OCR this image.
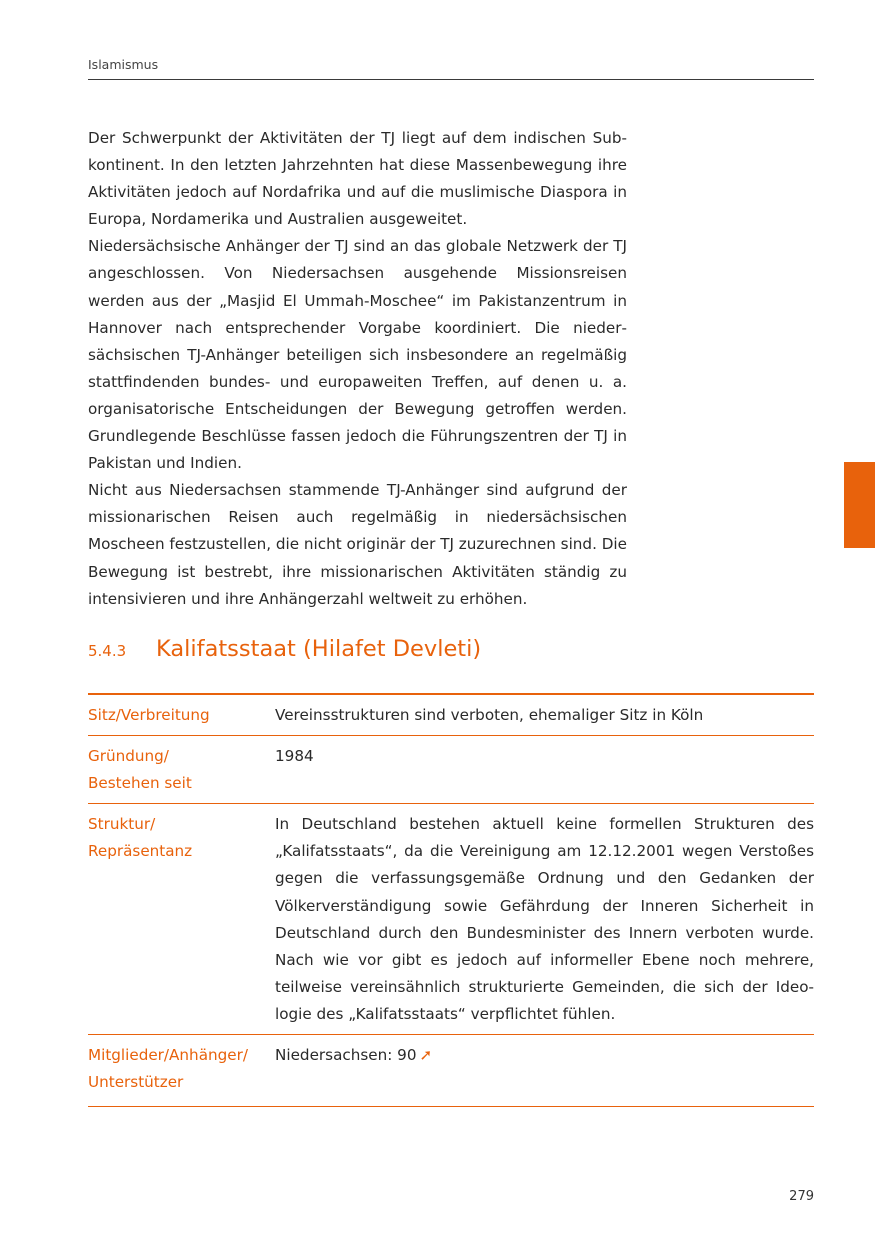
Islamismus

Der Schwerpunkt der Aktivitäten der TJ liegt auf dem indischen Subkontinent. In den letzten Jahrzehnten hat diese Massenbewegung ihre Aktivitäten jedoch auf Nordafrika und auf die muslimische Diaspora in Europa, Nordamerika und Australien ausgeweitet.

Niedersächsische Anhänger der TJ sind an das globale Netzwerk der TJ angeschlossen. Von Niedersachsen ausgehende Missionsreisen werden aus der „Masjid El Ummah-Moschee“ im Pakistanzentrum in Hannover nach entsprechender Vorgabe koordiniert. Die niedersächsischen TJ-Anhänger beteiligen sich insbesondere an regelmäßig stattfindenden bundes- und europaweiten Treffen, auf denen u. a. organisatorische Entscheidungen der Bewegung getroffen werden. Grundlegende Beschlüsse fassen jedoch die Führungszentren der TJ in Pakistan und Indien.

Nicht aus Niedersachsen stammende TJ-Anhänger sind aufgrund der missionarischen Reisen auch regelmäßig in niedersächsischen Moscheen festzustellen, die nicht originär der TJ zuzurechnen sind. Die Bewegung ist bestrebt, ihre missionarischen Aktivitäten ständig zu intensivieren und ihre Anhängerzahl weltweit zu erhöhen.

5.4.3 Kalifatsstaat (Hilafet Devleti)
Sitz/Verbreitung	Vereinsstrukturen sind verboten, ehemaliger Sitz in Köln
Gründung/
Bestehen seit
1984
Struktur/
Repräsentanz
In Deutschland bestehen aktuell keine formellen Strukturen des „Kalifatsstaats“, da die Vereinigung am 12.12.2001 wegen Verstoßes gegen die verfassungsgemäße Ordnung und den Gedanken der Völkerverständigung sowie Gefährdung der Inneren Sicherheit in Deutschland durch den Bundesminister des Innern verboten wurde. Nach wie vor gibt es jedoch auf informeller Ebene noch mehrere, teilweise vereinsähnlich strukturierte Gemeinden, die sich der Ideologie des „Kalifatsstaats“ verpflichtet fühlen.
Mitglieder/Anhänger/
Unterstützer
Niedersachsen: 90 ➚
279
